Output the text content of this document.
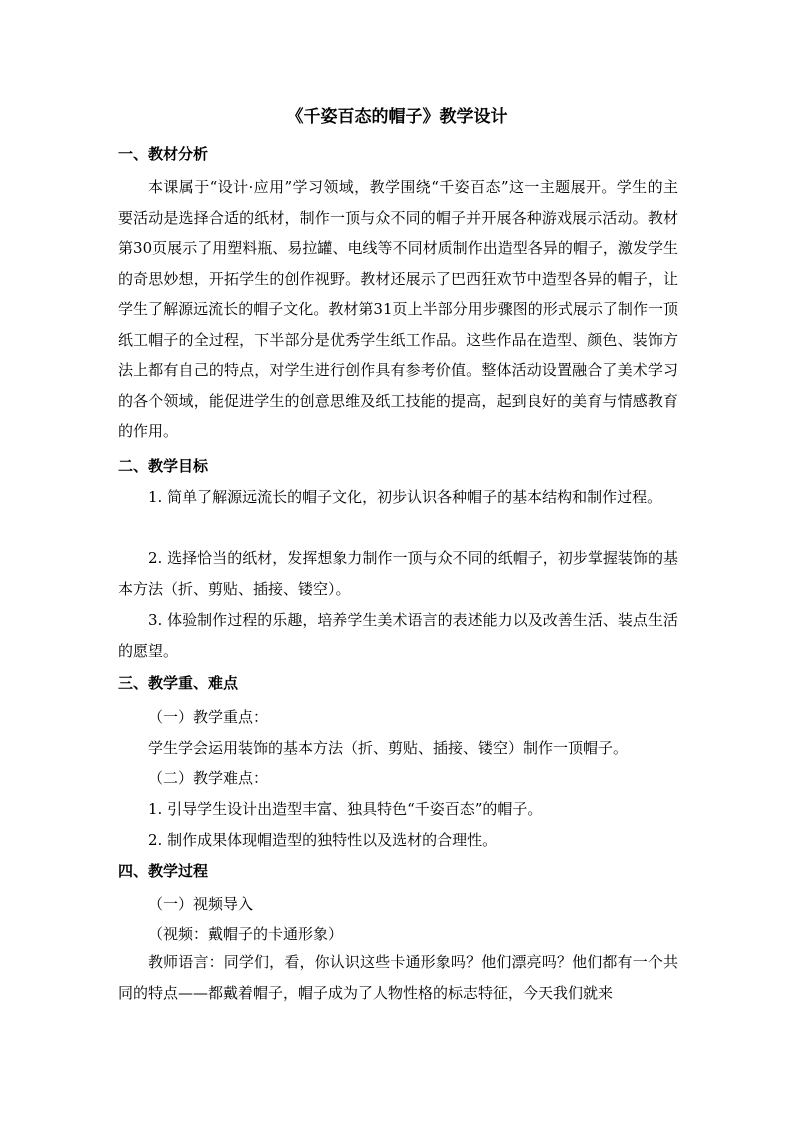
《千姿百态的帽子》教学设计
一、教材分析
本课属于“设计·应用”学习领域，教学围绕“千姿百态”这一主题展开。学生的主要活动是选择合适的纸材，制作一顶与众不同的帽子并开展各种游戏展示活动。教材第30页展示了用塑料瓶、易拉罐、电线等不同材质制作出造型各异的帽子，激发学生的奇思妙想，开拓学生的创作视野。教材还展示了巴西狂欢节中造型各异的帽子，让学生了解源远流长的帽子文化。教材第31页上半部分用步骤图的形式展示了制作一顶纸工帽子的全过程，下半部分是优秀学生纸工作品。这些作品在造型、颜色、装饰方法上都有自己的特点，对学生进行创作具有参考价值。整体活动设置融合了美术学习的各个领域，能促进学生的创意思维及纸工技能的提高，起到良好的美育与情感教育的作用。
二、教学目标
1. 简单了解源远流长的帽子文化，初步认识各种帽子的基本结构和制作过程。
2. 选择恰当的纸材，发挥想象力制作一顶与众不同的纸帽子，初步掌握装饰的基本方法（折、剪贴、插接、镂空）。
3. 体验制作过程的乐趣，培养学生美术语言的表述能力以及改善生活、装点生活的愿望。
三、教学重、难点
（一）教学重点：
学生学会运用装饰的基本方法（折、剪贴、插接、镂空）制作一顶帽子。
（二）教学难点：
1. 引导学生设计出造型丰富、独具特色“千姿百态”的帽子。
2. 制作成果体现帽造型的独特性以及选材的合理性。
四、教学过程
（一）视频导入
（视频：戴帽子的卡通形象）
教师语言：同学们，看，你认识这些卡通形象吗？他们漂亮吗？他们都有一个共同的特点——都戴着帽子，帽子成为了人物性格的标志特征，今天我们就来
